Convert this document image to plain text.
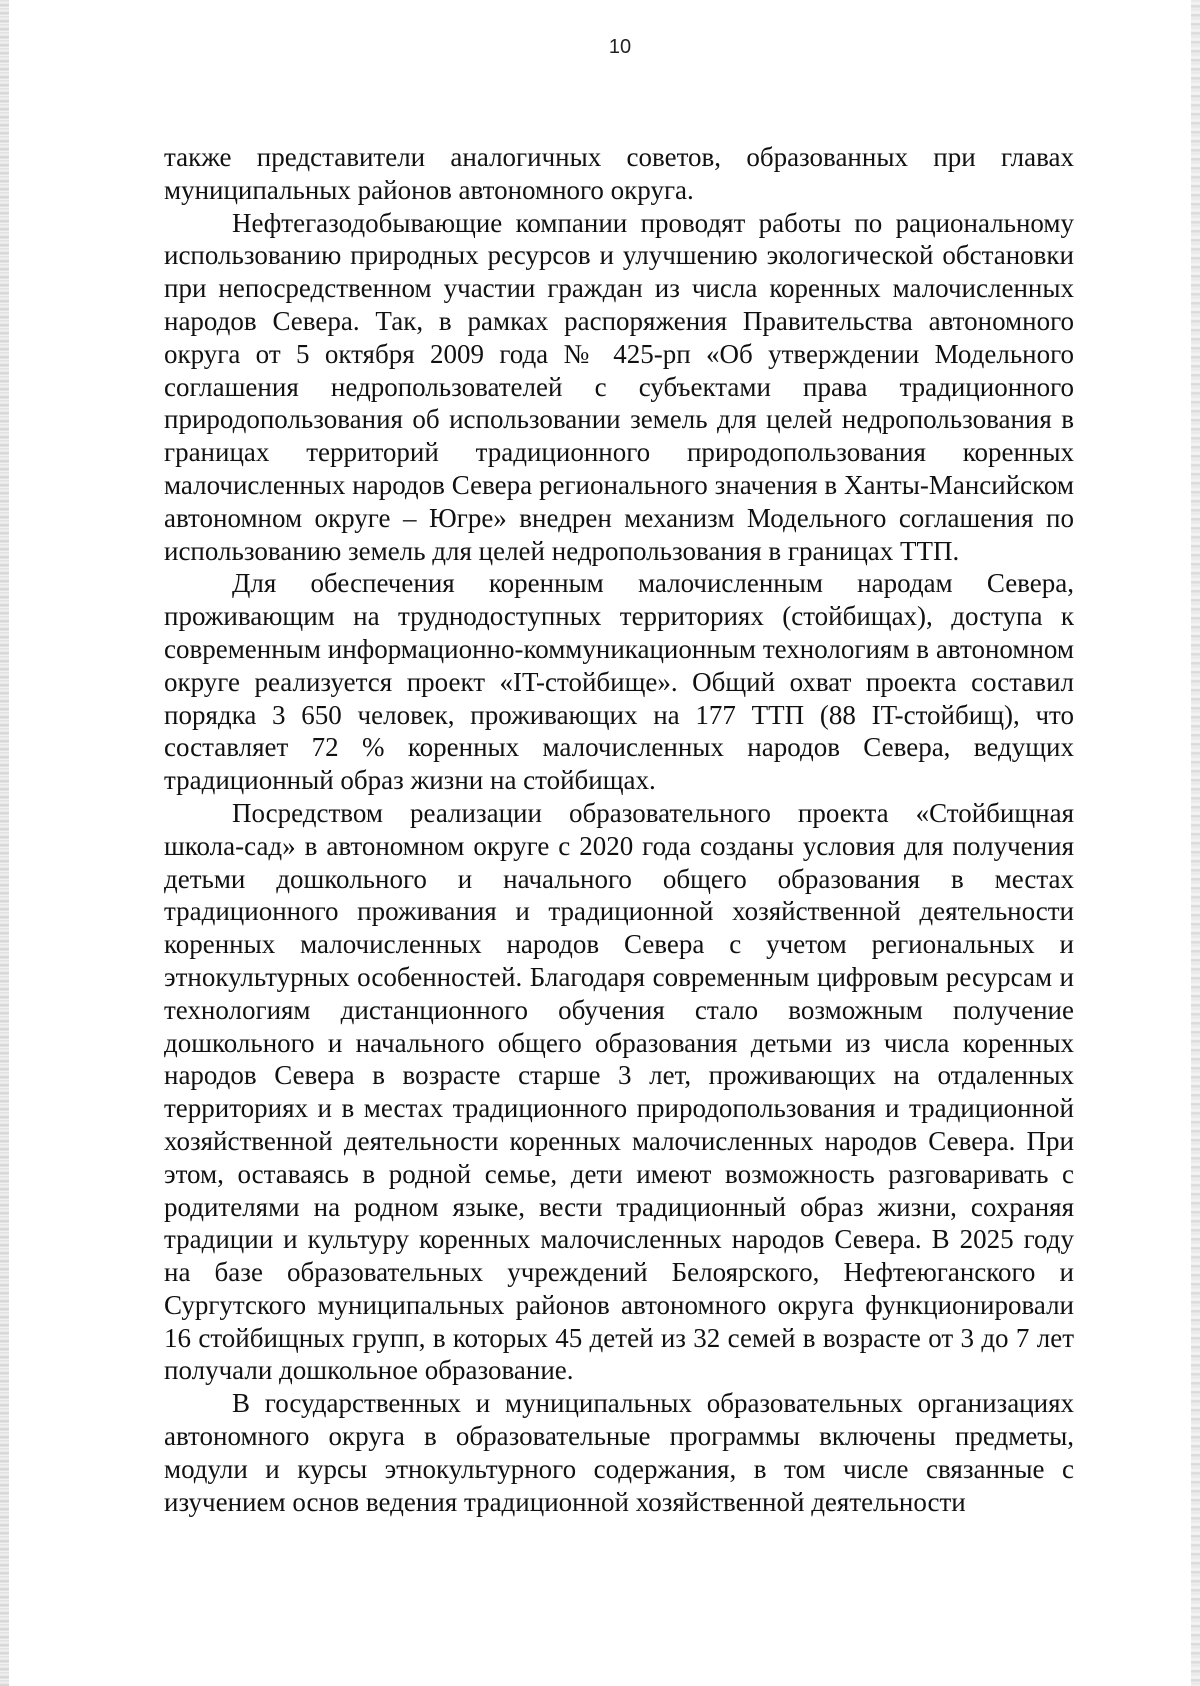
10

также представители аналогичных советов, образованных при главах муниципальных районов автономного округа.

Нефтегазодобывающие компании проводят работы по рациональному использованию природных ресурсов и улучшению экологической обстановки при непосредственном участии граждан из числа коренных малочисленных народов Севера. Так, в рамках распоряжения Правительства автономного округа от 5 октября 2009 года № 425-рп «Об утверждении Модельного соглашения недропользователей с субъектами права традиционного природопользования об использовании земель для целей недропользования в границах территорий традиционного природопользования коренных малочисленных народов Севера регионального значения в Ханты-Мансийском автономном округе – Югре» внедрен механизм Модельного соглашения по использованию земель для целей недропользования в границах ТТП.

Для обеспечения коренным малочисленным народам Севера, проживающим на труднодоступных территориях (стойбищах), доступа к современным информационно-коммуникационным технологиям в автономном округе реализуется проект «IT-стойбище». Общий охват проекта составил порядка 3 650 человек, проживающих на 177 ТТП (88 IT-стойбищ), что составляет 72 % коренных малочисленных народов Севера, ведущих традиционный образ жизни на стойбищах.

Посредством реализации образовательного проекта «Стойбищная школа-сад» в автономном округе с 2020 года созданы условия для получения детьми дошкольного и начального общего образования в местах традиционного проживания и традиционной хозяйственной деятельности коренных малочисленных народов Севера с учетом региональных и этнокультурных особенностей. Благодаря современным цифровым ресурсам и технологиям дистанционного обучения стало возможным получение дошкольного и начального общего образования детьми из числа коренных народов Севера в возрасте старше 3 лет, проживающих на отдаленных территориях и в местах традиционного природопользования и традиционной хозяйственной деятельности коренных малочисленных народов Севера. При этом, оставаясь в родной семье, дети имеют возможность разговаривать с родителями на родном языке, вести традиционный образ жизни, сохраняя традиции и культуру коренных малочисленных народов Севера. В 2025 году на базе образовательных учреждений Белоярского, Нефтеюганского и Сургутского муниципальных районов автономного округа функционировали 16 стойбищных групп, в которых 45 детей из 32 семей в возрасте от 3 до 7 лет получали дошкольное образование.

В государственных и муниципальных образовательных организациях автономного округа в образовательные программы включены предметы, модули и курсы этнокультурного содержания, в том числе связанные с изучением основ ведения традиционной хозяйственной деятельности
